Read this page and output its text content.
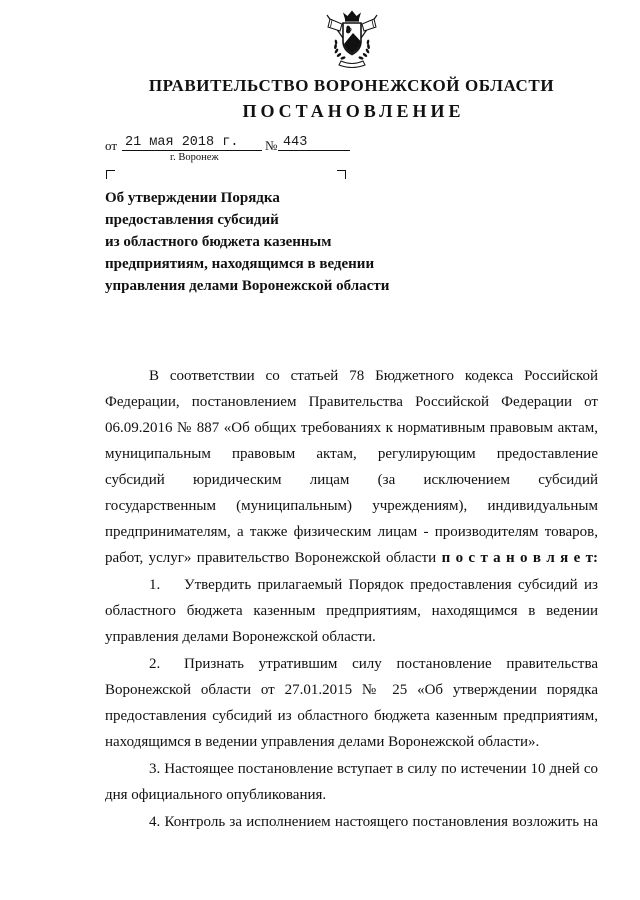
ПРАВИТЕЛЬСТВО ВОРОНЕЖСКОЙ ОБЛАСТИ
ПОСТАНОВЛЕНИЕ
от 21 мая 2018 г.	№ 443
г. Воронеж
Об утверждении Порядка
предоставления субсидий
из областного бюджета казенным
предприятиям, находящимся в ведении
управления делами Воронежской области
В соответствии со статьей 78 Бюджетного кодекса Российской
Федерации, постановлением Правительства Российской Федерации от
06.09.2016 № 887 «Об общих требованиях к нормативным правовым актам,
муниципальным правовым актам, регулирующим предоставление
субсидий юридическим лицам (за исключением субсидий
государственным (муниципальным) учреждениям), индивидуальным
предпринимателям, а также физическим лицам - производителям товаров,
работ, услуг» правительство Воронежской области п о с т а н о в л я е т:
1. Утвердить прилагаемый Порядок предоставления субсидий из
областного бюджета казенным предприятиям, находящимся в ведении
управления делами Воронежской области.
2. Признать утратившим силу постановление правительства
Воронежской области от 27.01.2015 № 25 «Об утверждении порядка
предоставления субсидий из областного бюджета казенным предприятиям,
находящимся в ведении управления делами Воронежской области».
3. Настоящее постановление вступает в силу по истечении 10 дней со
дня официального опубликования.
4. Контроль за исполнением настоящего постановления возложить на
